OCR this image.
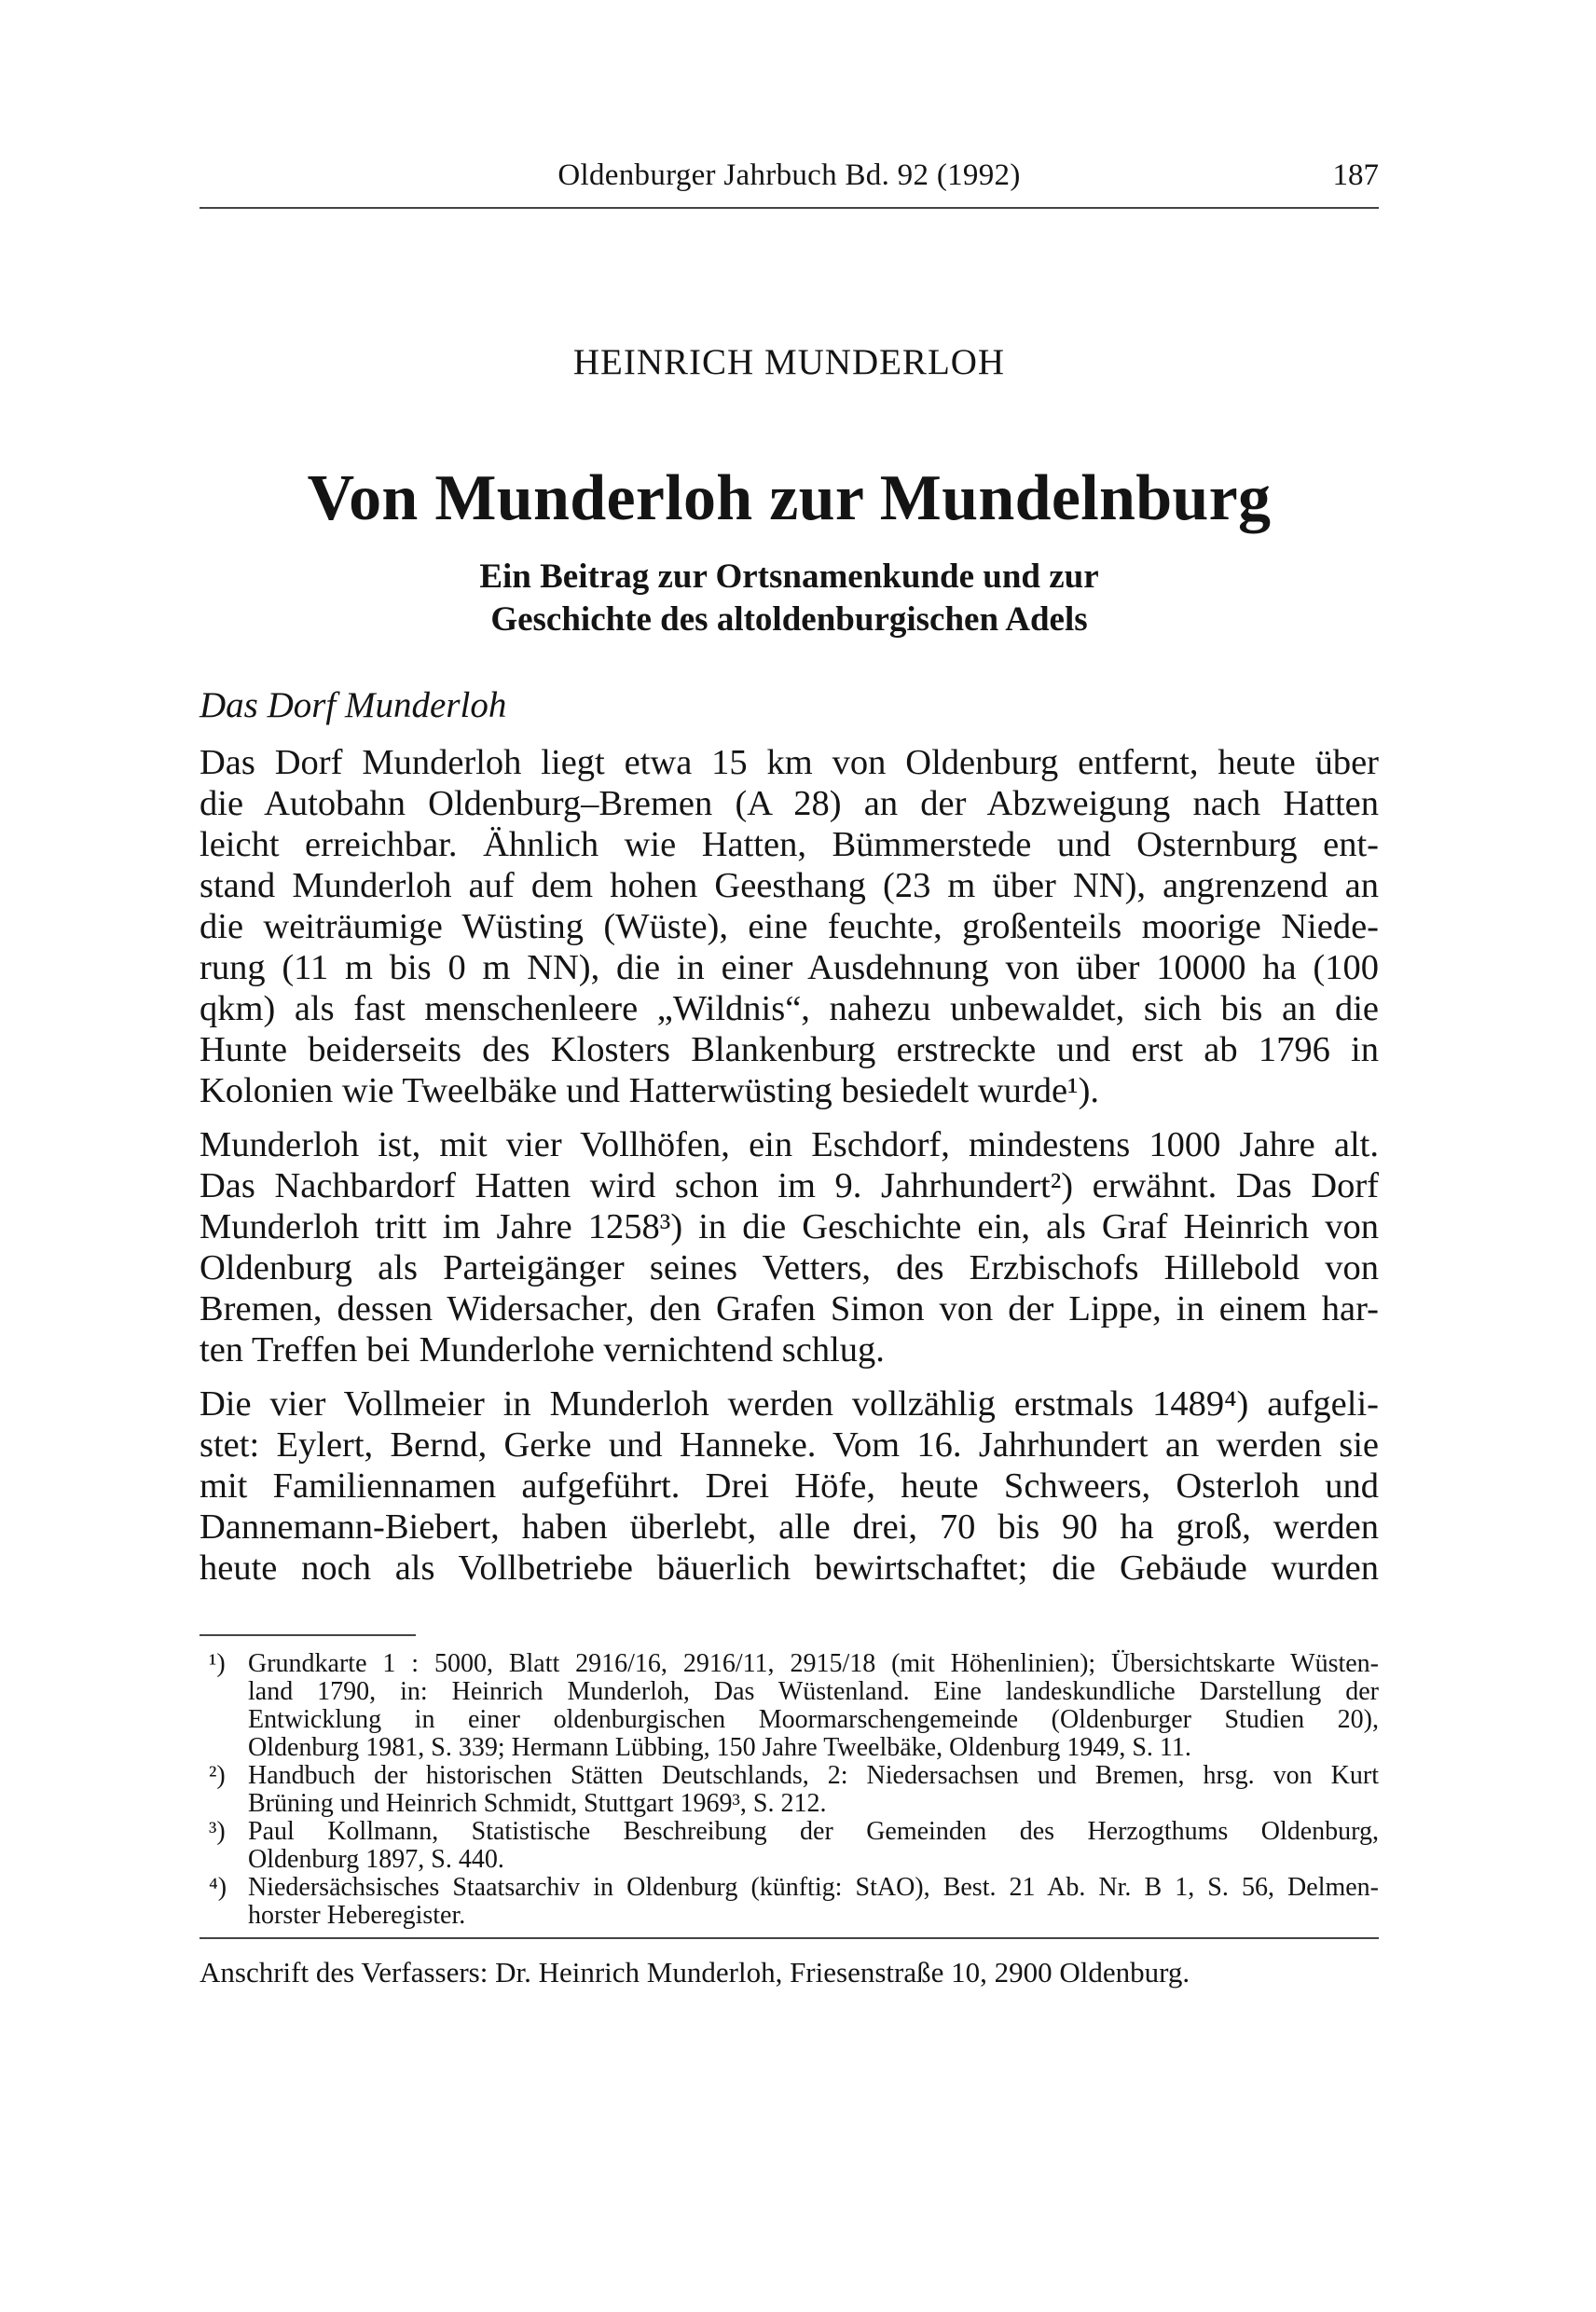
Oldenburger Jahrbuch Bd. 92 (1992)	187
HEINRICH MUNDERLOH
Von Munderloh zur Mundelnburg
Ein Beitrag zur Ortsnamenkunde und zur
Geschichte des altoldenburgischen Adels
Das Dorf Munderloh
Das Dorf Munderloh liegt etwa 15 km von Oldenburg entfernt, heute über
die Autobahn Oldenburg–Bremen (A 28) an der Abzweigung nach Hatten
leicht erreichbar. Ähnlich wie Hatten, Bümmerstede und Osternburg ent-
stand Munderloh auf dem hohen Geesthang (23 m über NN), angrenzend an
die weiträumige Wüsting (Wüste), eine feuchte, großenteils moorige Niede-
rung (11 m bis 0 m NN), die in einer Ausdehnung von über 10000 ha (100
qkm) als fast menschenleere „Wildnis“, nahezu unbewaldet, sich bis an die
Hunte beiderseits des Klosters Blankenburg erstreckte und erst ab 1796 in
Kolonien wie Tweelbäke und Hatterwüsting besiedelt wurde¹).
Munderloh ist, mit vier Vollhöfen, ein Eschdorf, mindestens 1000 Jahre alt.
Das Nachbardorf Hatten wird schon im 9. Jahrhundert²) erwähnt. Das Dorf
Munderloh tritt im Jahre 1258³) in die Geschichte ein, als Graf Heinrich von
Oldenburg als Parteigänger seines Vetters, des Erzbischofs Hillebold von
Bremen, dessen Widersacher, den Grafen Simon von der Lippe, in einem har-
ten Treffen bei Munderlohe vernichtend schlug.
Die vier Vollmeier in Munderloh werden vollzählig erstmals 1489⁴) aufgeli-
stet: Eylert, Bernd, Gerke und Hanneke. Vom 16. Jahrhundert an werden sie
mit Familiennamen aufgeführt. Drei Höfe, heute Schweers, Osterloh und
Dannemann-Biebert, haben überlebt, alle drei, 70 bis 90 ha groß, werden
heute noch als Vollbetriebe bäuerlich bewirtschaftet; die Gebäude wurden
¹) Grundkarte 1 : 5000, Blatt 2916/16, 2916/11, 2915/18 (mit Höhenlinien); Übersichtskarte Wüsten-
land 1790, in: Heinrich Munderloh, Das Wüstenland. Eine landeskundliche Darstellung der
Entwicklung in einer oldenburgischen Moormarschengemeinde (Oldenburger Studien 20),
Oldenburg 1981, S. 339; Hermann Lübbing, 150 Jahre Tweelbäke, Oldenburg 1949, S. 11.
²) Handbuch der historischen Stätten Deutschlands, 2: Niedersachsen und Bremen, hrsg. von Kurt
Brüning und Heinrich Schmidt, Stuttgart 1969³, S. 212.
³) Paul Kollmann, Statistische Beschreibung der Gemeinden des Herzogthums Oldenburg,
Oldenburg 1897, S. 440.
⁴) Niedersächsisches Staatsarchiv in Oldenburg (künftig: StAO), Best. 21 Ab. Nr. B 1, S. 56, Delmen-
horster Heberegister.
Anschrift des Verfassers: Dr. Heinrich Munderloh, Friesenstraße 10, 2900 Oldenburg.
